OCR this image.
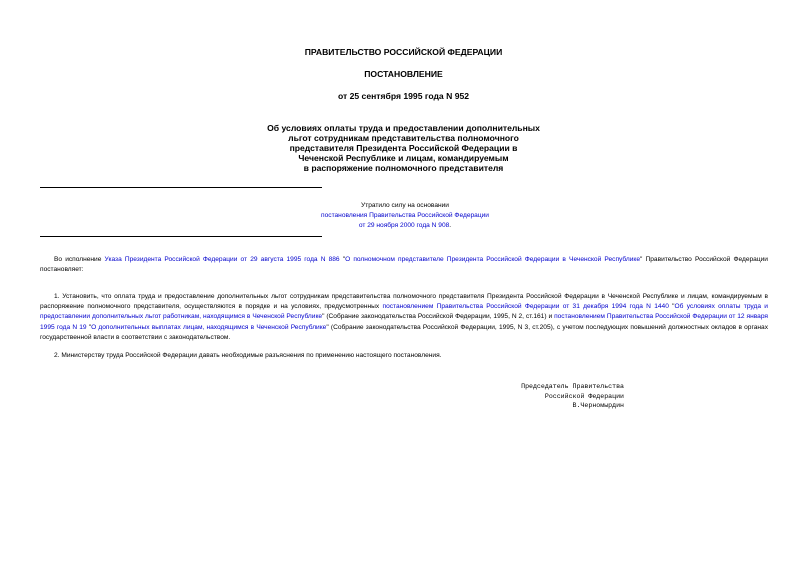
ПРАВИТЕЛЬСТВО РОССИЙСКОЙ ФЕДЕРАЦИИ
ПОСТАНОВЛЕНИЕ
от 25 сентября 1995 года N 952
Об условиях оплаты труда и предоставлении дополнительных
льгот сотрудникам представительства полномочного
представителя Президента Российской Федерации в
Чеченской Республике и лицам, командируемым
в распоряжение полномочного представителя
Утратило силу на основании
постановления Правительства Российской Федерации
от 29 ноября 2000 года N 908.
Во исполнение Указа Президента Российской Федерации от 29 августа 1995 года N 886 "О полномочном представителе Президента Российской Федерации в Чеченской Республике" Правительство Российской Федерации постановляет:
1. Установить, что оплата труда и предоставление дополнительных льгот сотрудникам представительства полномочного представителя Президента Российской Федерации в Чеченской Республике и лицам, командируемым в распоряжение полномочного представителя, осуществляются в порядке и на условиях, предусмотренных постановлением Правительства Российской Федерации от 31 декабря 1994 года N 1440 "Об условиях оплаты труда и предоставлении дополнительных льгот работникам, находящимся в Чеченской Республике" (Собрание законодательства Российской Федерации, 1995, N 2, ст.161) и постановлением Правительства Российской Федерации от 12 января 1995 года N 19 "О дополнительных выплатах лицам, находящимся в Чеченской Республике" (Собрание законодательства Российской Федерации, 1995, N 3, ст.205), с учетом последующих повышений должностных окладов в органах государственной власти в соответствии с законодательством.
2. Министерству труда Российской Федерации давать необходимые разъяснения по применению настоящего постановления.
Председатель Правительства
Российской Федерации
В.Черномырдин
